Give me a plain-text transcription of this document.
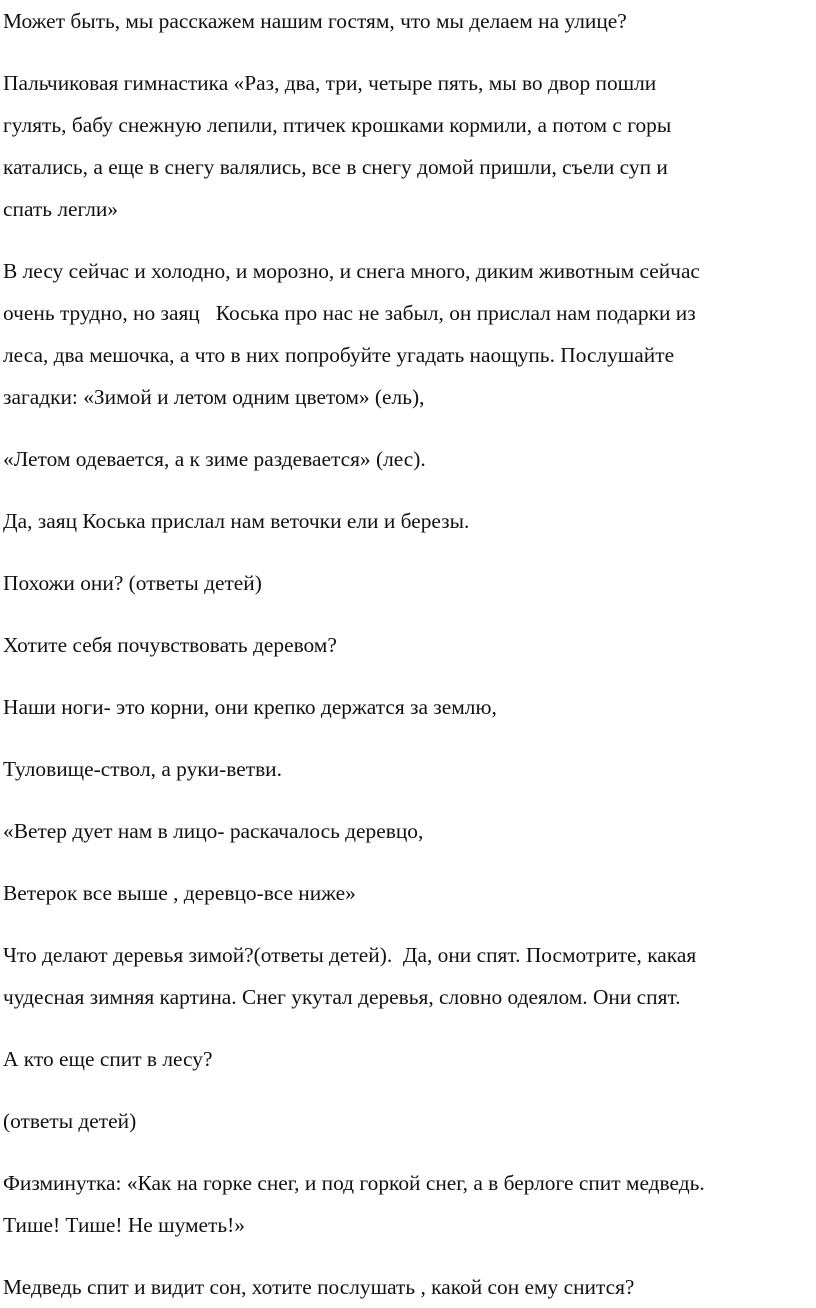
Может быть, мы расскажем нашим гостям, что мы делаем на улице?

Пальчиковая гимнастика «Раз, два, три, четыре пять, мы во двор пошли
гулять, бабу снежную лепили, птичек крошками кормили, а потом с горы
катались, а еще в снегу валялись, все в снегу домой пришли, съели суп и
спать легли»

В лесу сейчас и холодно, и морозно, и снега много, диким животным сейчас
очень трудно, но заяц   Коська про нас не забыл, он прислал нам подарки из
леса, два мешочка, а что в них попробуйте угадать наощупь. Послушайте
загадки: «Зимой и летом одним цветом» (ель),

«Летом одевается, а к зиме раздевается» (лес).

Да, заяц Коська прислал нам веточки ели и березы.

Похожи они? (ответы детей)

Хотите себя почувствовать деревом?

Наши ноги- это корни, они крепко держатся за землю,

Туловище-ствол, а руки-ветви.

«Ветер дует нам в лицо- раскачалось деревцо,

Ветерок все выше , деревцо-все ниже»

Что делают деревья зимой?(ответы детей).  Да, они спят. Посмотрите, какая
чудесная зимняя картина. Снег укутал деревья, словно одеялом. Они спят.

А кто еще спит в лесу?

(ответы детей)

Физминутка: «Как на горке снег, и под горкой снег, а в берлоге спит медведь.
Тише! Тише! Не шуметь!»

Медведь спит и видит сон, хотите послушать , какой сон ему снится?
